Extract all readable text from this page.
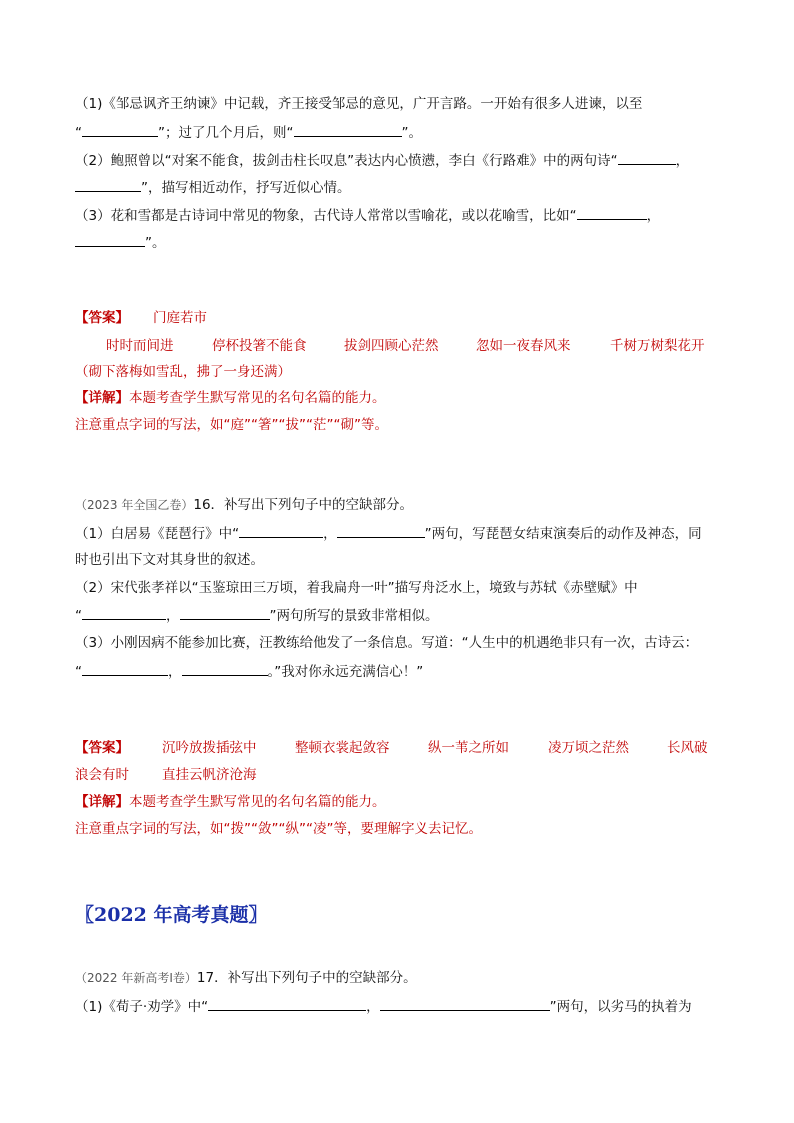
（1)《邹忌讽齐王纳谏》中记载，齐王接受邹忌的意见，广开言路。一开始有很多人进谏，以至
“	”；过了几个月后，则“	”。
（2）鲍照曾以“对案不能食，拔剑击柱长叹息”表达内心愤懑，李白《行路难》中的两句诗“	，
”，描写相近动作，抒写近似心情。
（3）花和雪都是古诗词中常见的物象，古代诗人常常以雪喻花，或以花喻雪，比如“	，
”。
【答案】 门庭若市
时时而间进	停杯投箸不能食	拔剑四顾心茫然	忽如一夜春风来	千树万树梨花开
（砌下落梅如雪乱，拂了一身还满）
【详解】本题考查学生默写常见的名句名篇的能力。
注意重点字词的写法，如“庭”“箸”“拔”“茫”“砌”等。
（2023 年全国乙卷）16．补写出下列句子中的空缺部分。
（1）白居易《琵琶行》中“	，	”两句，写琵琶女结束演奏后的动作及神态，同
时也引出下文对其身世的叙述。
（2）宋代张孝祥以“玉鉴琼田三万顷，着我扁舟一叶”描写舟泛水上，境致与苏轼《赤壁赋》中
“	，	”两句所写的景致非常相似。
（3）小刚因病不能参加比赛，汪教练给他发了一条信息。写道：“人生中的机遇绝非只有一次，古诗云：
“	，	。”我对你永远充满信心！”
【答案】 沉吟放拨插弦中	整顿衣裳起敛容	纵一苇之所如	凌万顷之茫然	长风破
浪会有时 直挂云帆济沧海
【详解】本题考查学生默写常见的名句名篇的能力。
注意重点字词的写法，如“拨”“敛”“纵”“凌”等，要理解字义去记忆。
〖2022 年高考真题〗
（2022 年新高考Ⅰ卷）17．补写出下列句子中的空缺部分。
（1)《荀子·劝学》中“	，	”两句，以劣马的执着为
